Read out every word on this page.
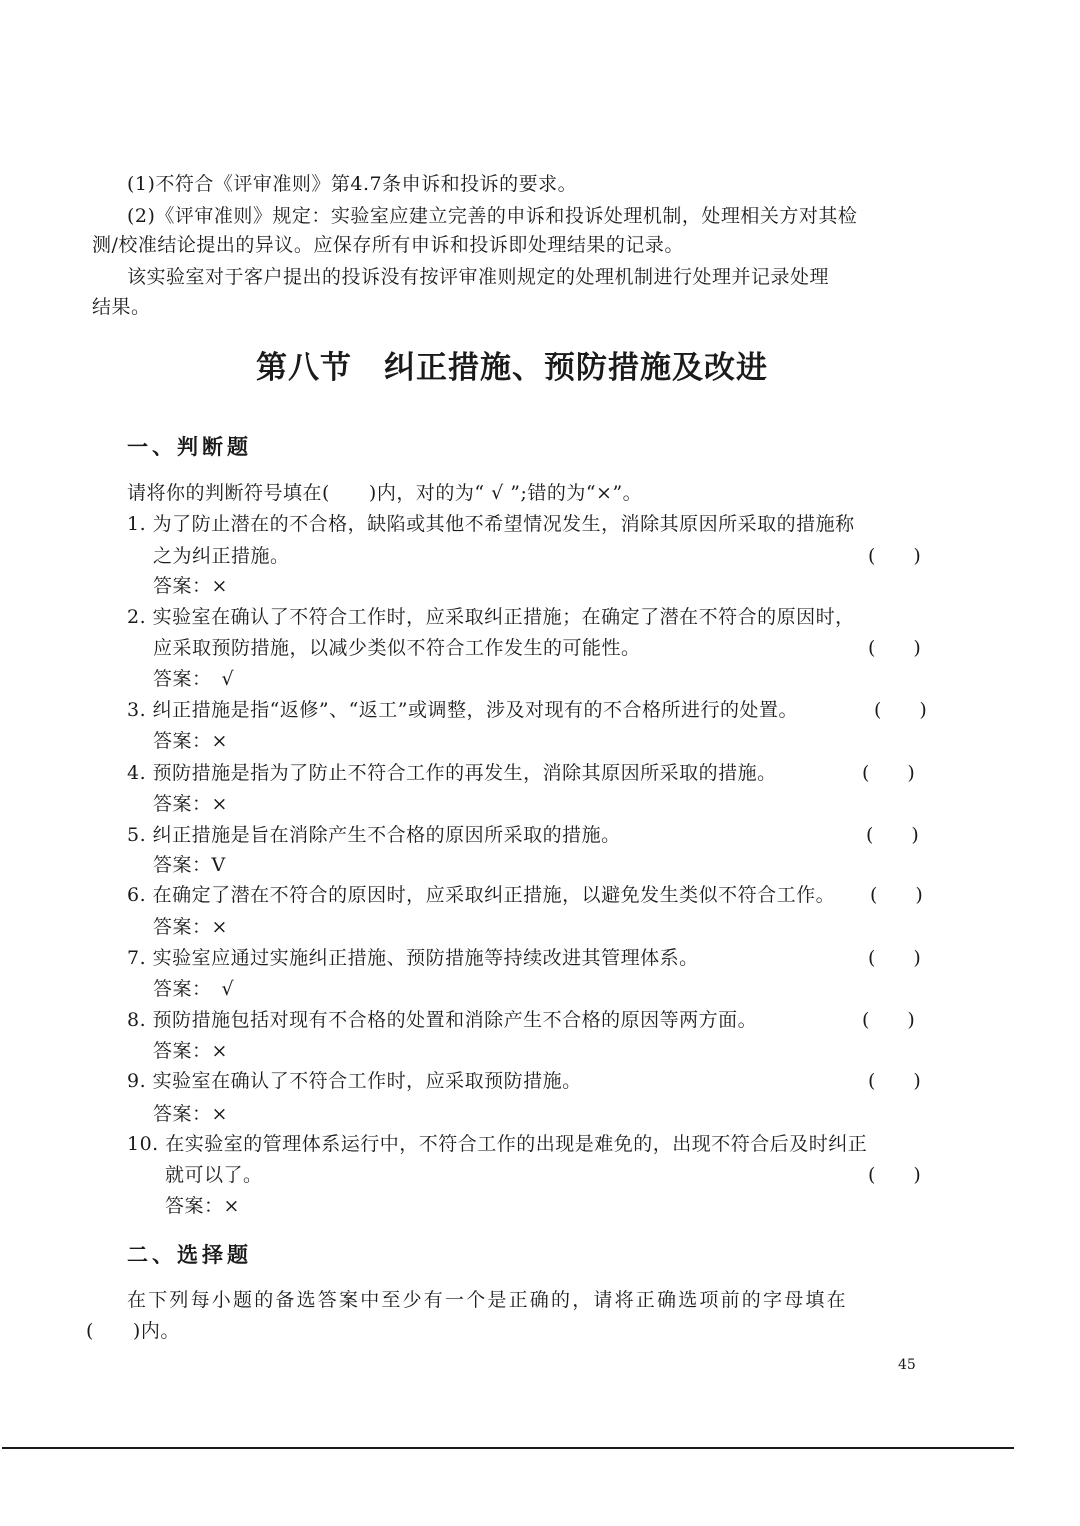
(1)不符合《评审准则》第4.7条申诉和投诉的要求。
(2)《评审准则》规定：实验室应建立完善的申诉和投诉处理机制，处理相关方对其检
测/校准结论提出的异议。应保存所有申诉和投诉即处理结果的记录。
该实验室对于客户提出的投诉没有按评审准则规定的处理机制进行处理并记录处理
结果。
第八节　纠正措施、预防措施及改进
一、判断题
请将你的判断符号填在(　　)内，对的为“ √ ”;错的为“×”。
1. 为了防止潜在的不合格，缺陷或其他不希望情况发生，消除其原因所采取的措施称
之为纠正措施。	(　　)
答案：×
2. 实验室在确认了不符合工作时，应采取纠正措施；在确定了潜在不符合的原因时，
应采取预防措施，以减少类似不符合工作发生的可能性。	(　　)
答案：　√
3. 纠正措施是指“返修”、“返工”或调整，涉及对现有的不合格所进行的处置。	(　　)
答案：×
4. 预防措施是指为了防止不符合工作的再发生，消除其原因所采取的措施。	(　　)
答案：×
5. 纠正措施是旨在消除产生不合格的原因所采取的措施。	(　　)
答案：V
6. 在确定了潜在不符合的原因时，应采取纠正措施，以避免发生类似不符合工作。 (　　)
答案：×
7. 实验室应通过实施纠正措施、预防措施等持续改进其管理体系。	(　　)
答案：　√
8. 预防措施包括对现有不合格的处置和消除产生不合格的原因等两方面。	(　　)
答案：×
9. 实验室在确认了不符合工作时，应采取预防措施。	(　　)
答案：×
10. 在实验室的管理体系运行中，不符合工作的出现是难免的，出现不符合后及时纠正
就可以了。	(　　)
答案：×
二、选择题
在下列每小题的备选答案中至少有一个是正确的，请将正确选项前的字母填在
(　　)内。
45
